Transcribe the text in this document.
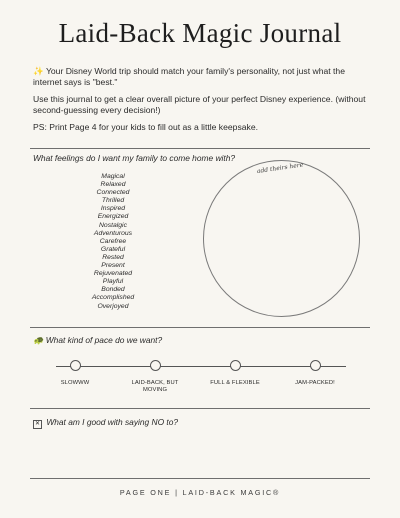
Laid-Back Magic Journal

✨ Your Disney World trip should match your family's personality, not just what the internet says is "best."

Use this journal to get a clear overall picture of your perfect Disney experience. (without second-guessing every decision!)

PS: Print Page 4 for your kids to fill out as a little keepsake.

What feelings do I want my family to come home with?
Magical
Relaxed
Connected
Thrilled
Inspired
Energized
Nostalgic
Adventurous
Carefree
Grateful
Rested
Present
Rejuvenated
Playful
Bonded
Accomplished
Overjoyed
add theirs here
🐢 What kind of pace do we want?
SLOWWW	LAID-BACK, BUT MOVING
FULL & FLEXIBLE	JAM-PACKED!
✕ What am I good with saying NO to?
PAGE ONE | LAID-BACK MAGIC®
